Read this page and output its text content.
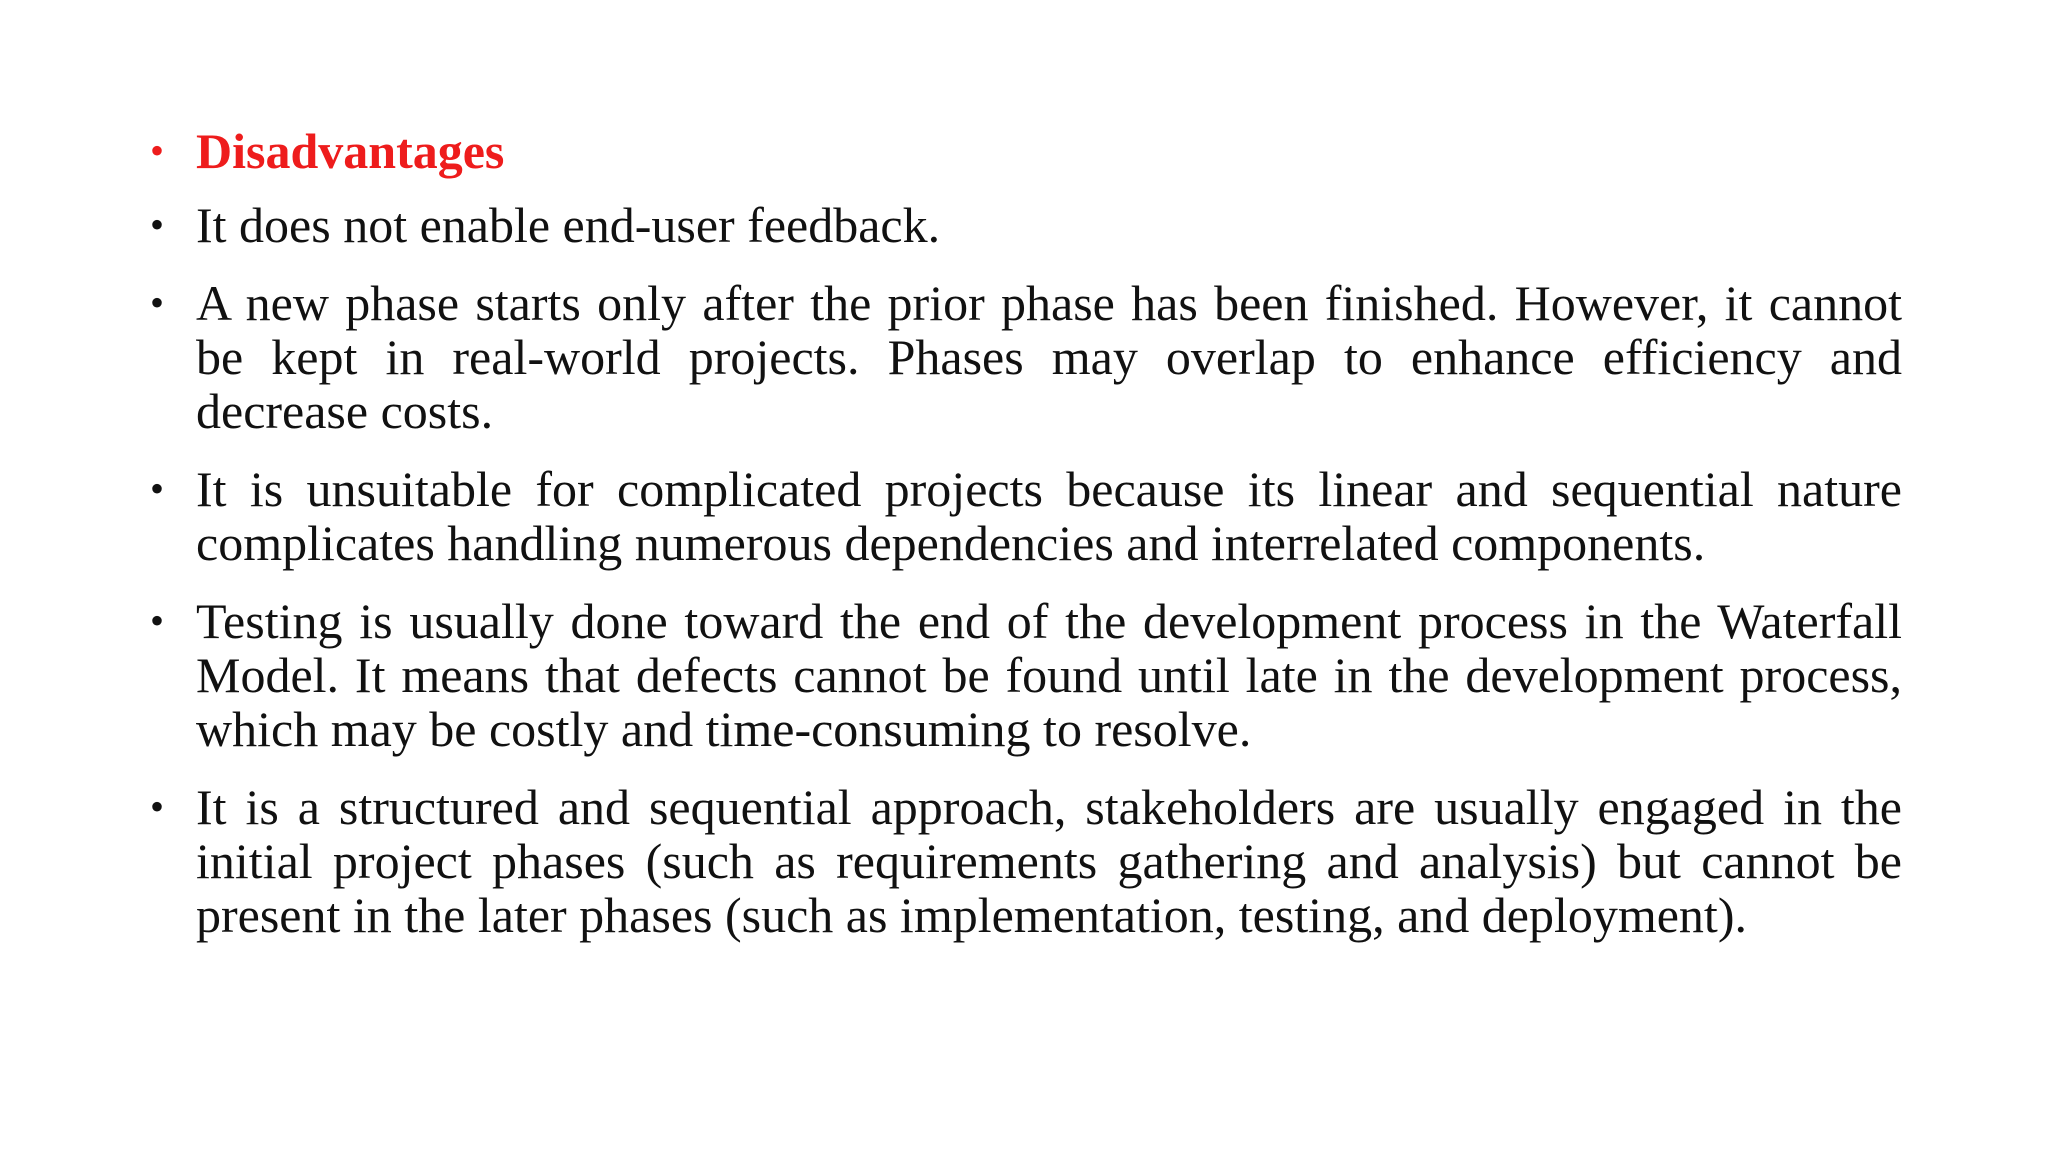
• Disadvantages
• It does not enable end-user feedback.
• A new phase starts only after the prior phase has been finished. However, it cannot be kept in real-world projects. Phases may overlap to enhance efficiency and decrease costs.
• It is unsuitable for complicated projects because its linear and sequential nature complicates handling numerous dependencies and interrelated components.
• Testing is usually done toward the end of the development process in the Waterfall Model. It means that defects cannot be found until late in the development process, which may be costly and time-consuming to resolve.
• It is a structured and sequential approach, stakeholders are usually engaged in the initial project phases (such as requirements gathering and analysis) but cannot be present in the later phases (such as implementation, testing, and deployment).
